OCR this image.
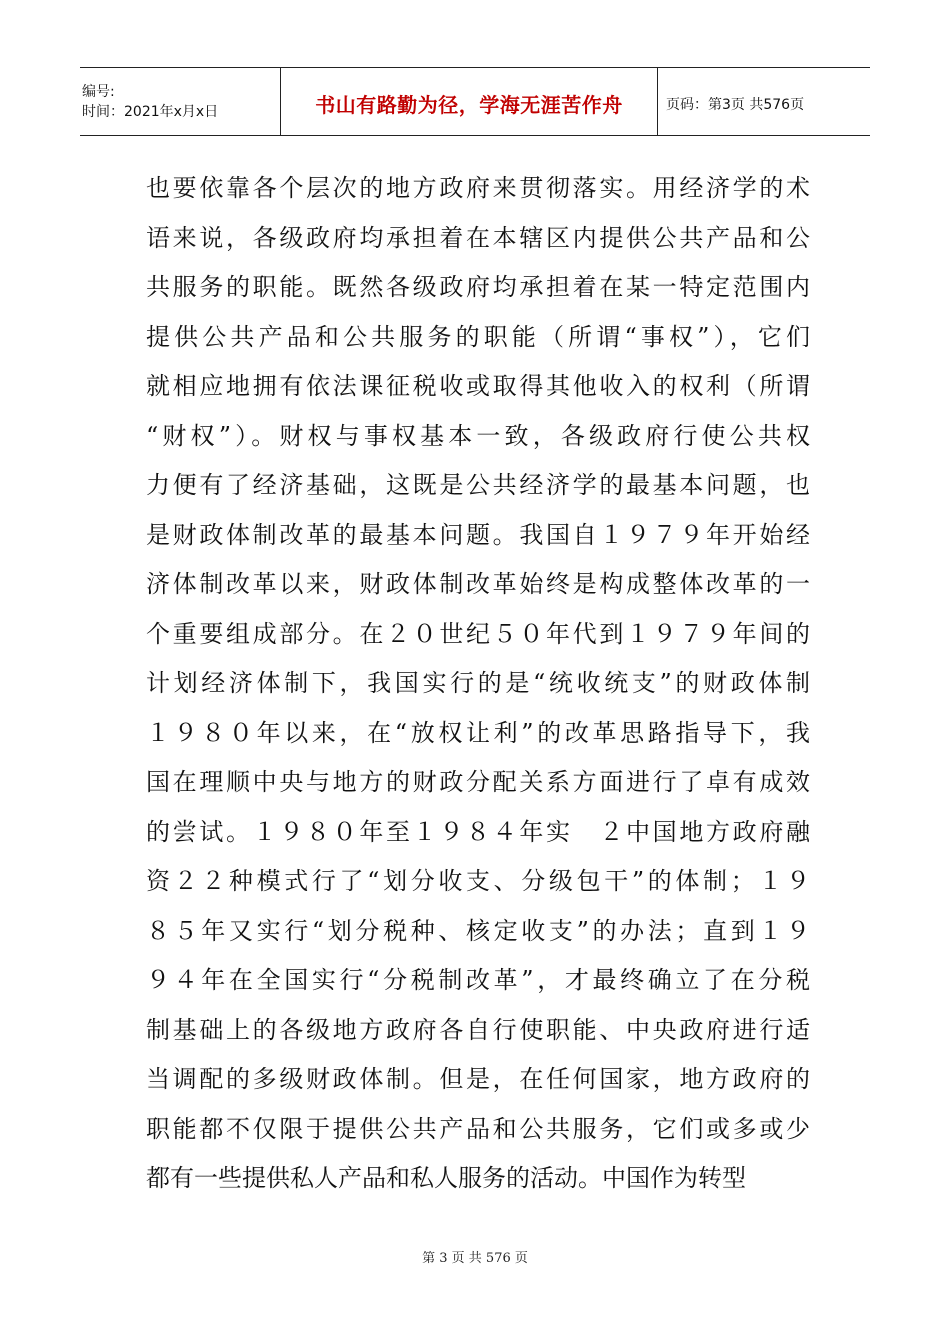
编号:
时间：2021年x月x日	书山有路勤为径，学海无涯苦作舟	页码：第3页 共576页
也要依靠各个层次的地方政府来贯彻落实。用经济学的术
语来说，各级政府均承担着在本辖区内提供公共产品和公
共服务的职能。既然各级政府均承担着在某一特定范围内
提供公共产品和公共服务的职能（所谓“事权”），它们
就相应地拥有依法课征税收或取得其他收入的权利（所谓
“财权”）。财权与事权基本一致，各级政府行使公共权
力便有了经济基础，这既是公共经济学的最基本问题，也
是财政体制改革的最基本问题。我国自１９７９年开始经
济体制改革以来，财政体制改革始终是构成整体改革的一
个重要组成部分。在２０世纪５０年代到１９７９年间的
计划经济体制下，我国实行的是“统收统支”的财政体制
１９８０年以来，在“放权让利”的改革思路指导下，我
国在理顺中央与地方的财政分配关系方面进行了卓有成效
的尝试。１９８０年至１９８４年实　２中国地方政府融
资２２种模式行了“划分收支、分级包干”的体制；１９
８５年又实行“划分税种、核定收支”的办法；直到１９
９４年在全国实行“分税制改革”，才最终确立了在分税
制基础上的各级地方政府各自行使职能、中央政府进行适
当调配的多级财政体制。但是，在任何国家，地方政府的
职能都不仅限于提供公共产品和公共服务，它们或多或少
都有一些提供私人产品和私人服务的活动。中国作为转型
第 3 页 共 576 页
